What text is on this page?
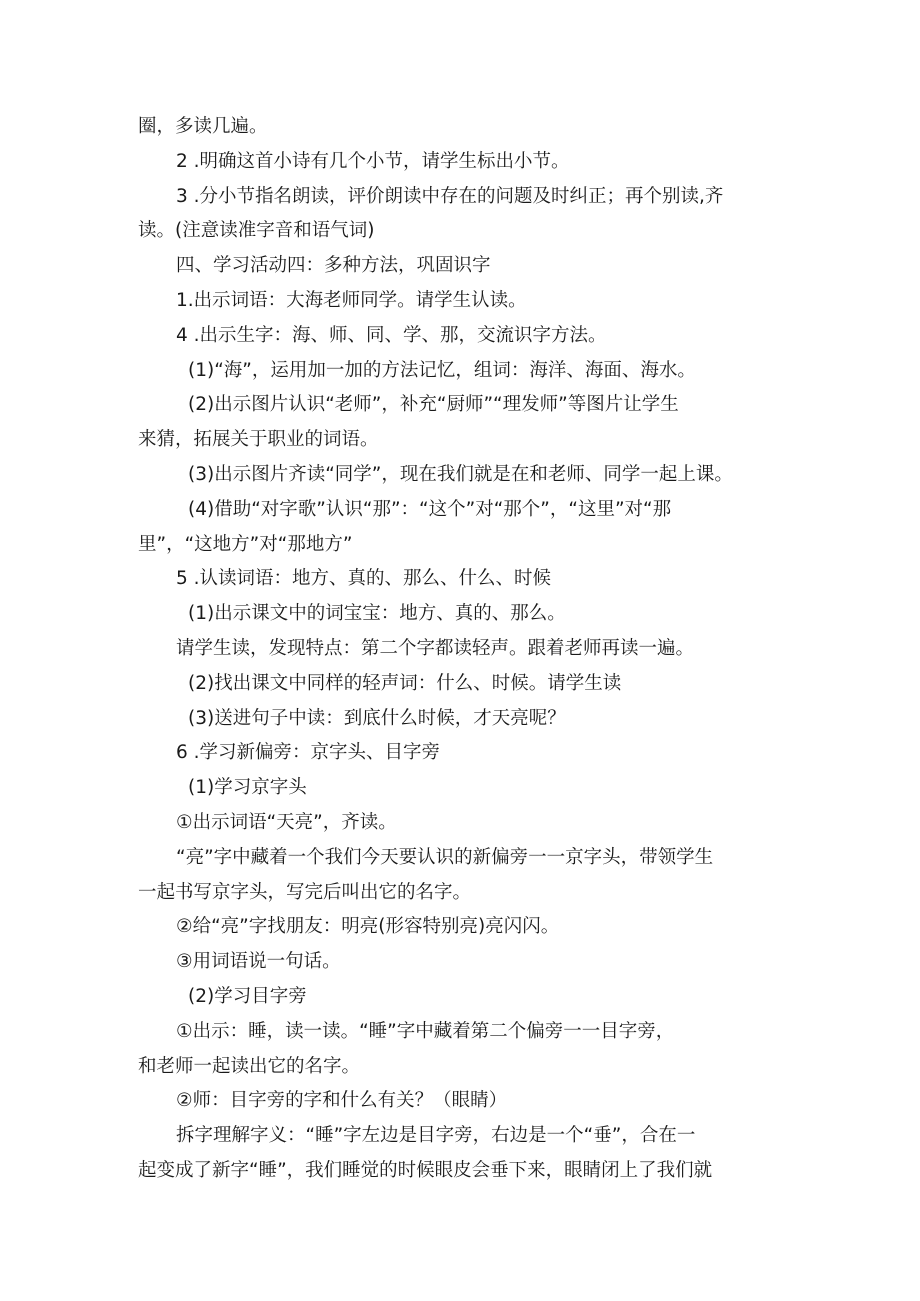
圈，多读几遍。
2 .明确这首小诗有几个小节，请学生标出小节。
3 .分小节指名朗读，评价朗读中存在的问题及时纠正；再个别读,齐
读。(注意读准字音和语气词)
四、学习活动四：多种方法，巩固识字
1.出示词语：大海老师同学。请学生认读。
4 .出示生字：海、师、同、学、那，交流识字方法。
(1)“海”，运用加一加的方法记忆，组词：海洋、海面、海水。
(2)出示图片认识“老师”，补充“厨师”“理发师”等图片让学生
来猜，拓展关于职业的词语。
(3)出示图片齐读“同学”，现在我们就是在和老师、同学一起上课。
(4)借助“对字歌”认识“那”：“这个”对“那个”，“这里”对“那
里”，“这地方”对“那地方”
5 .认读词语：地方、真的、那么、什么、时候
(1)出示课文中的词宝宝：地方、真的、那么。
请学生读，发现特点：第二个字都读轻声。跟着老师再读一遍。
(2)找出课文中同样的轻声词：什么、时候。请学生读
(3)送进句子中读：到底什么时候，才天亮呢？
6 .学习新偏旁：京字头、目字旁
(1)学习京字头
①出示词语“天亮”，齐读。
“亮”字中藏着一个我们今天要认识的新偏旁一一京字头，带领学生
一起书写京字头，写完后叫出它的名字。
②给“亮”字找朋友：明亮(形容特别亮)亮闪闪。
③用词语说一句话。
(2)学习目字旁
①出示：睡，读一读。“睡”字中藏着第二个偏旁一一目字旁，
和老师一起读出它的名字。
②师：目字旁的字和什么有关？（眼睛）
拆字理解字义：“睡”字左边是目字旁，右边是一个“垂”，合在一
起变成了新字“睡”，我们睡觉的时候眼皮会垂下来，眼睛闭上了我们就
